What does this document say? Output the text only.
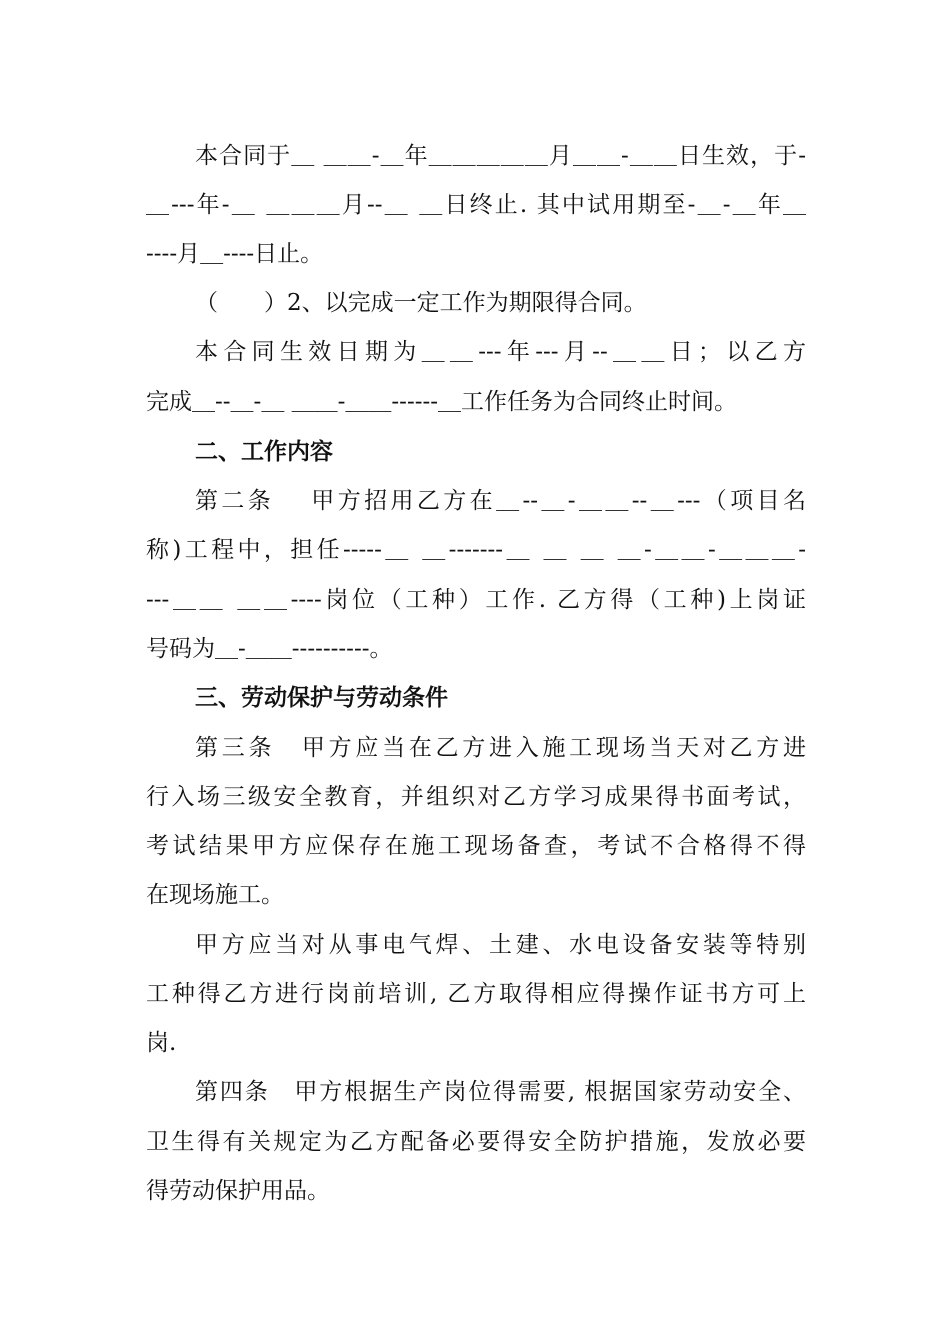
本合同于＿ ＿＿-＿年＿＿＿＿＿月＿＿-＿＿日生效，于-
＿---年-＿ ＿＿＿月--＿ ＿日终止. 其中试用期至-＿-＿年＿
----月＿----日止。
（　　）2、以完成一定工作为期限得合同。
本合同生效日期为＿＿---年---月--＿＿日；以乙方
完成＿--＿-＿ ＿＿-＿＿------＿工作任务为合同终止时间。
二、工作内容
第二条　 甲方招用乙方在＿--＿-＿＿--＿---（项目名
称)工程中，担任-----＿ ＿-------＿ ＿ ＿ ＿-＿＿-＿＿＿-
---＿＿ ＿＿----岗位（工种）工作. 乙方得（工种)上岗证
号码为＿-＿＿----------。
三、劳动保护与劳动条件
第三条　甲方应当在乙方进入施工现场当天对乙方进
行入场三级安全教育，并组织对乙方学习成果得书面考试，
考试结果甲方应保存在施工现场备查，考试不合格得不得
在现场施工。
甲方应当对从事电气焊、土建、水电设备安装等特别
工种得乙方进行岗前培训, 乙方取得相应得操作证书方可上
岗.
第四条　甲方根据生产岗位得需要, 根据国家劳动安全、
卫生得有关规定为乙方配备必要得安全防护措施，发放必要
得劳动保护用品。
